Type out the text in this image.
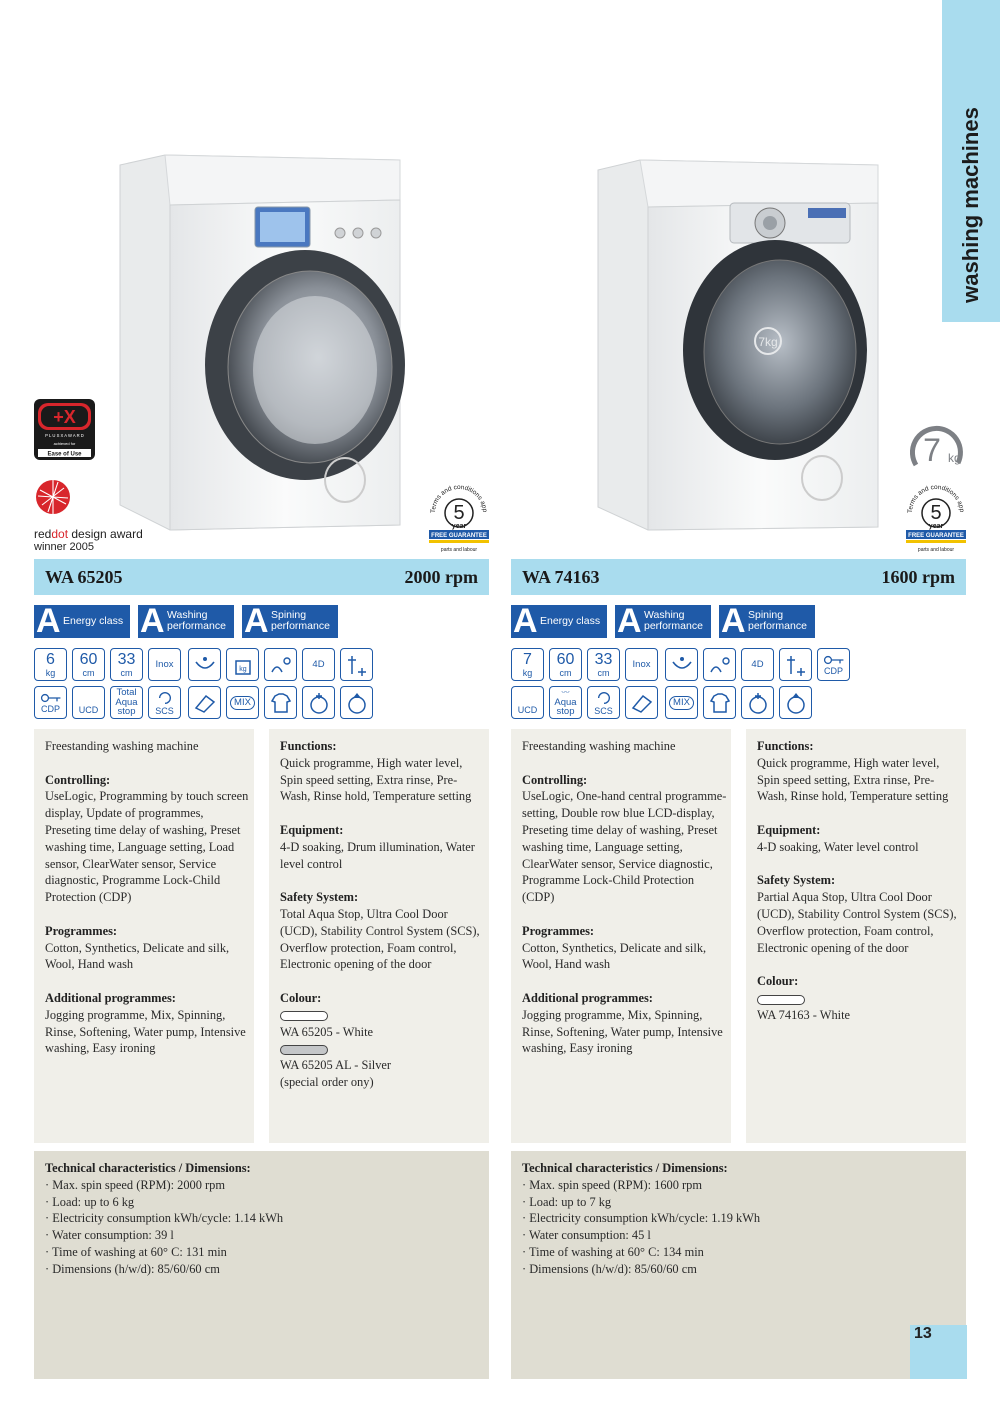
washing machines
7kg
+X
P L U S X A W A R D
achieved for
Ease of Use
reddot design award
winner 2005
Terms and conditions app
5
year
FREE GUARANTEE
parts and labour
Terms and conditions app
5
year
FREE GUARANTEE
parts and labour
7 kg
WA 65205	2000 rpm WA 74163	1600 rpm
A Energy class A Washing
performance A Spining
performance	A Energy class A Washing
performance A Spining
performance
6
kg
60
cm
33
cm
Inox	kg	4D
CDP UCD
Total
Aqua
stop SCS
MIX
7
kg
60
cm
33
cm
Inox	4D
CDP
UCD
〰
Aqua
stop SCS
MIX

Freestanding washing machine

Controlling:

UseLogic, Programming by touch screen display, Update of programmes, Preseting time delay of washing, Preset washing time, Language setting, Load sensor, ClearWater sensor, Service diagnostic, Programme Lock-Child Protection (CDP)

Programmes:

Cotton, Synthetics, Delicate and silk, Wool, Hand wash

Additional programmes:

Jogging programme, Mix, Spinning, Rinse, Softening, Water pump, Intensive washing, Easy ironing

Functions:

Quick programme, High water level, Spin speed setting, Extra rinse, Pre-Wash, Rinse hold, Temperature setting

Equipment:

4-D soaking, Drum illumination, Water level control

Safety System:

Total Aqua Stop, Ultra Cool Door (UCD), Stability Control System (SCS), Overflow protection, Foam control, Electronic opening of the door

Colour:

WA 65205 - White

WA 65205 AL - Silver

(special order ony)

Freestanding washing machine

Controlling:

UseLogic, One-hand central programme-setting, Double row blue LCD-display, Preseting time delay of washing, Preset washing time, Language setting, ClearWater sensor, Service diagnostic, Programme Lock-Child Protection (CDP)

Programmes:

Cotton, Synthetics, Delicate and silk, Wool, Hand wash

Additional programmes:

Jogging programme, Mix, Spinning, Rinse, Softening, Water pump, Intensive washing, Easy ironing

Functions:

Quick programme, High water level, Spin speed setting, Extra rinse, Pre-Wash, Rinse hold, Temperature setting

Equipment:

4-D soaking, Water level control

Safety System:

Partial Aqua Stop, Ultra Cool Door (UCD), Stability Control System (SCS), Overflow protection, Foam control, Electronic opening of the door

Colour:

WA 74163 - White

Technical characteristics / Dimensions:

· Max. spin speed (RPM): 2000 rpm

· Load: up to 6 kg

· Electricity consumption kWh/cycle: 1.14 kWh

· Water consumption: 39 l

· Time of washing at 60° C: 131 min

· Dimensions (h/w/d): 85/60/60 cm

Technical characteristics / Dimensions:

· Max. spin speed (RPM): 1600 rpm

· Load: up to 7 kg

· Electricity consumption kWh/cycle: 1.19 kWh

· Water consumption: 45 l

· Time of washing at 60° C: 134 min

· Dimensions (h/w/d): 85/60/60 cm

13
